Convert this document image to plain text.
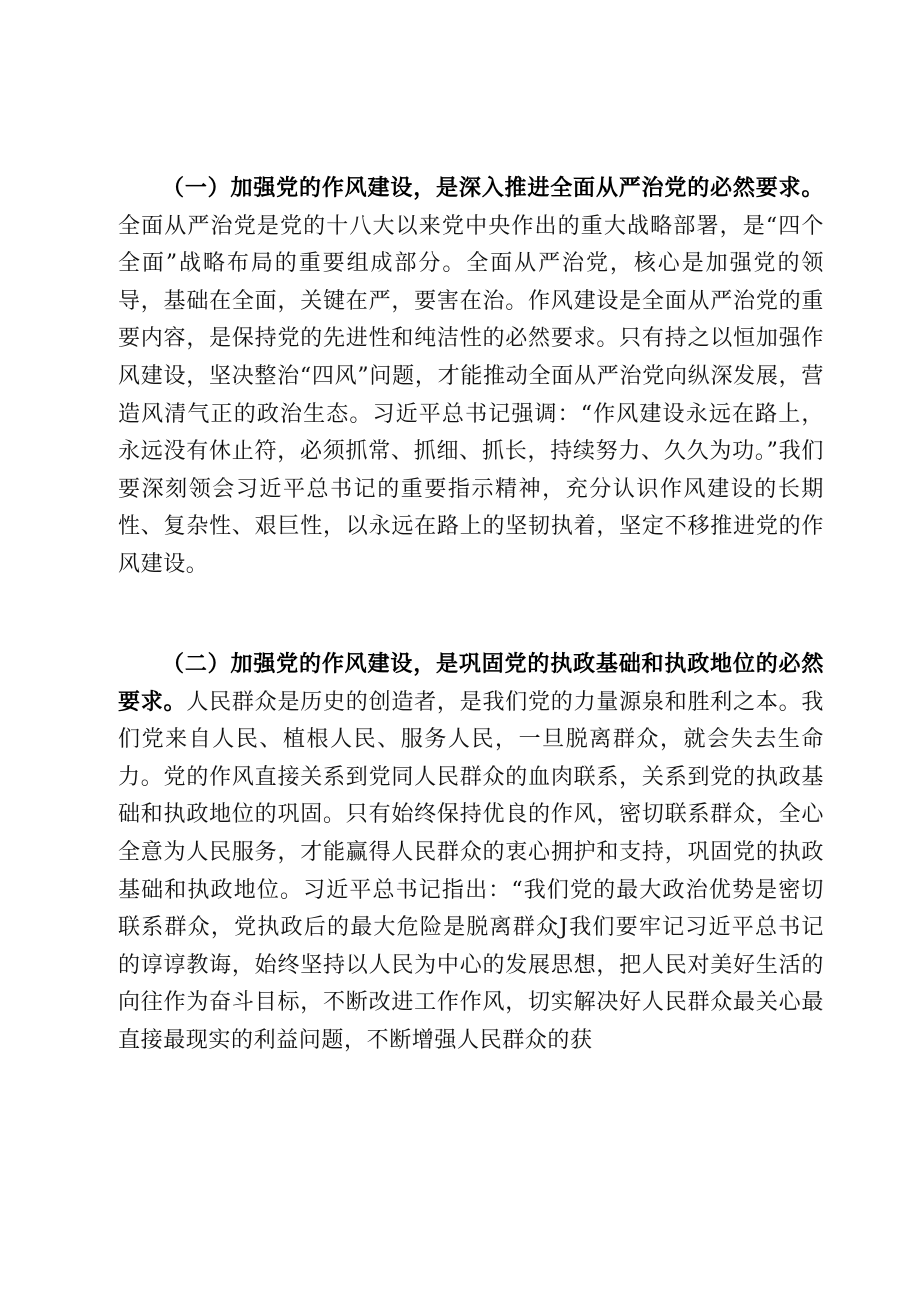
（一）加强党的作风建设，是深入推进全面从严治党的必然要求。全面从严治党是党的十八大以来党中央作出的重大战略部署，是“四个全面”战略布局的重要组成部分。全面从严治党，核心是加强党的领导，基础在全面，关键在严，要害在治。作风建设是全面从严治党的重要内容，是保持党的先进性和纯洁性的必然要求。只有持之以恒加强作风建设，坚决整治“四风”问题，才能推动全面从严治党向纵深发展，营造风清气正的政治生态。习近平总书记强调：“作风建设永远在路上，永远没有休止符，必须抓常、抓细、抓长，持续努力、久久为功。”我们要深刻领会习近平总书记的重要指示精神，充分认识作风建设的长期性、复杂性、艰巨性，以永远在路上的坚韧执着，坚定不移推进党的作风建设。

（二）加强党的作风建设，是巩固党的执政基础和执政地位的必然要求。人民群众是历史的创造者，是我们党的力量源泉和胜利之本。我们党来自人民、植根人民、服务人民，一旦脱离群众，就会失去生命力。党的作风直接关系到党同人民群众的血肉联系，关系到党的执政基础和执政地位的巩固。只有始终保持优良的作风，密切联系群众，全心全意为人民服务，才能赢得人民群众的衷心拥护和支持，巩固党的执政基础和执政地位。习近平总书记指出：“我们党的最大政治优势是密切联系群众，党执政后的最大危险是脱离群众J我们要牢记习近平总书记的谆谆教诲，始终坚持以人民为中心的发展思想，把人民对美好生活的向往作为奋斗目标，不断改进工作作风，切实解决好人民群众最关心最直接最现实的利益问题，不断增强人民群众的获
